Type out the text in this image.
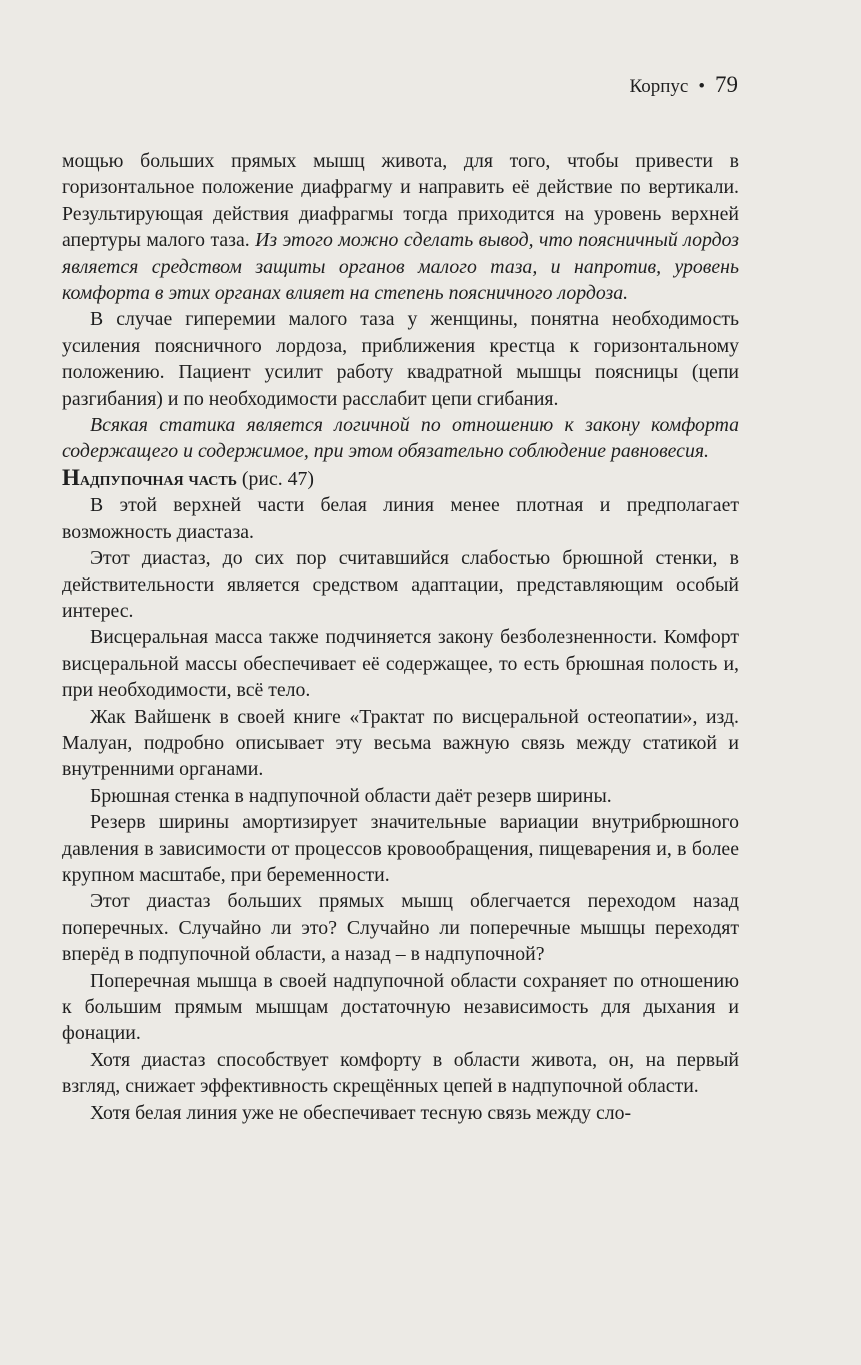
Корпус • 79

мощью больших прямых мышц живота, для того, чтобы привести в горизонтальное положение диафрагму и направить её действие по вертикали. Результирующая действия диафрагмы тогда приходится на уровень верхней апертуры малого таза. Из этого можно сделать вывод, что поясничный лордоз является средством защиты органов малого таза, и напротив, уровень комфорта в этих органах влияет на степень поясничного лордоза.

В случае гиперемии малого таза у женщины, понятна необходимость усиления поясничного лордоза, приближения крестца к горизонтальному положению. Пациент усилит работу квадратной мышцы поясницы (цепи разгибания) и по необходимости расслабит цепи сгибания.

Всякая статика является логичной по отношению к закону комфорта содержащего и содержимое, при этом обязательно соблюдение равновесия.

Надпупочная часть (рис. 47)

В этой верхней части белая линия менее плотная и предполагает возможность диастаза.

Этот диастаз, до сих пор считавшийся слабостью брюшной стенки, в действительности является средством адаптации, представляющим особый интерес.

Висцеральная масса также подчиняется закону безболезненности. Комфорт висцеральной массы обеспечивает её содержащее, то есть брюшная полость и, при необходимости, всё тело.

Жак Вайшенк в своей книге «Трактат по висцеральной остеопатии», изд. Малуан, подробно описывает эту весьма важную связь между статикой и внутренними органами.

Брюшная стенка в надпупочной области даёт резерв ширины.

Резерв ширины амортизирует значительные вариации внутрибрюшного давления в зависимости от процессов кровообращения, пищеварения и, в более крупном масштабе, при беременности.

Этот диастаз больших прямых мышц облегчается переходом назад поперечных. Случайно ли это? Случайно ли поперечные мышцы переходят вперёд в подпупочной области, а назад – в надпупочной?

Поперечная мышца в своей надпупочной области сохраняет по отношению к большим прямым мышцам достаточную независимость для дыхания и фонации.

Хотя диастаз способствует комфорту в области живота, он, на первый взгляд, снижает эффективность скрещённых цепей в надпупочной области.

Хотя белая линия уже не обеспечивает тесную связь между сло-
